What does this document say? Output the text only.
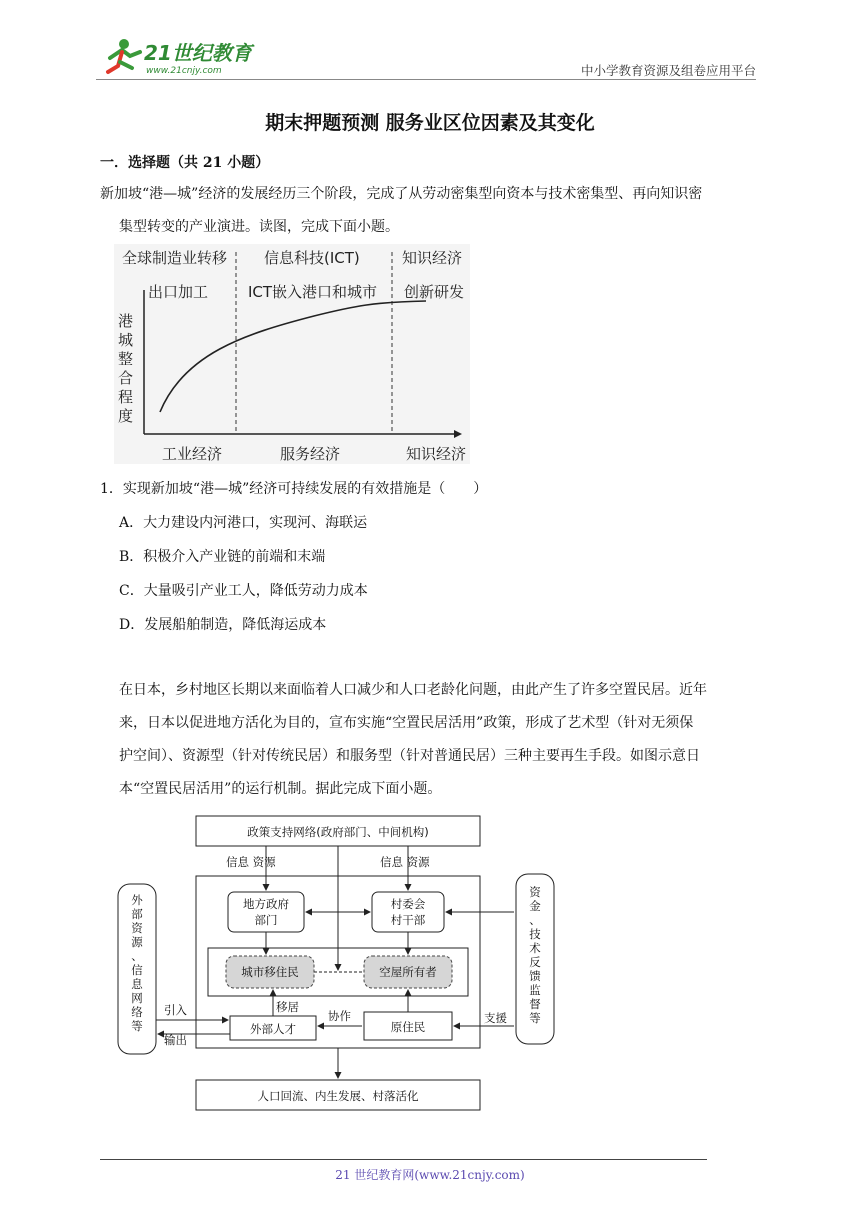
21世纪教育
www.21cnjy.com	中小学教育资源及组卷应用平台
期末押题预测 服务业区位因素及其变化
一．选择题（共 21 小题）
新加坡“港—城”经济的发展经历三个阶段，完成了从劳动密集型向资本与技术密集型、再向知识密
集型转变的产业演进。读图，完成下面小题。
全球制造业转移 信息科技(ICT)	知识经济
出口加工	ICT嵌入港口和城市 创新研发
工业经济	服务经济	知识经济
港
城
整
合
程
度
1．实现新加坡“港—城”经济可持续发展的有效措施是（　　）
A．大力建设内河港口，实现河、海联运
B．积极介入产业链的前端和末端
C．大量吸引产业工人，降低劳动力成本
D．发展船舶制造，降低海运成本
在日本，乡村地区长期以来面临着人口减少和人口老龄化问题，由此产生了许多空置民居。近年
来，日本以促进地方活化为目的，宣布实施“空置民居活用”政策，形成了艺术型（针对无须保
护空间）、资源型（针对传统民居）和服务型（针对普通民居）三种主要再生手段。如图示意日
本“空置民居活用”的运行机制。据此完成下面小题。
政策支持网络(政府部门、中间机构)
信息 资源	信息 资源
地方政府
部门
村委会
村干部
城市移住民	空屋所有者
外部人才	原住民
移居
协作
外
部
资
源
、
信
息
网
络
等
资
金
、
技
术
反
馈
监
督
等
引入
输出
支援
人口回流、内生发展、村落活化
21 世纪教育网(www.21cnjy.com)
